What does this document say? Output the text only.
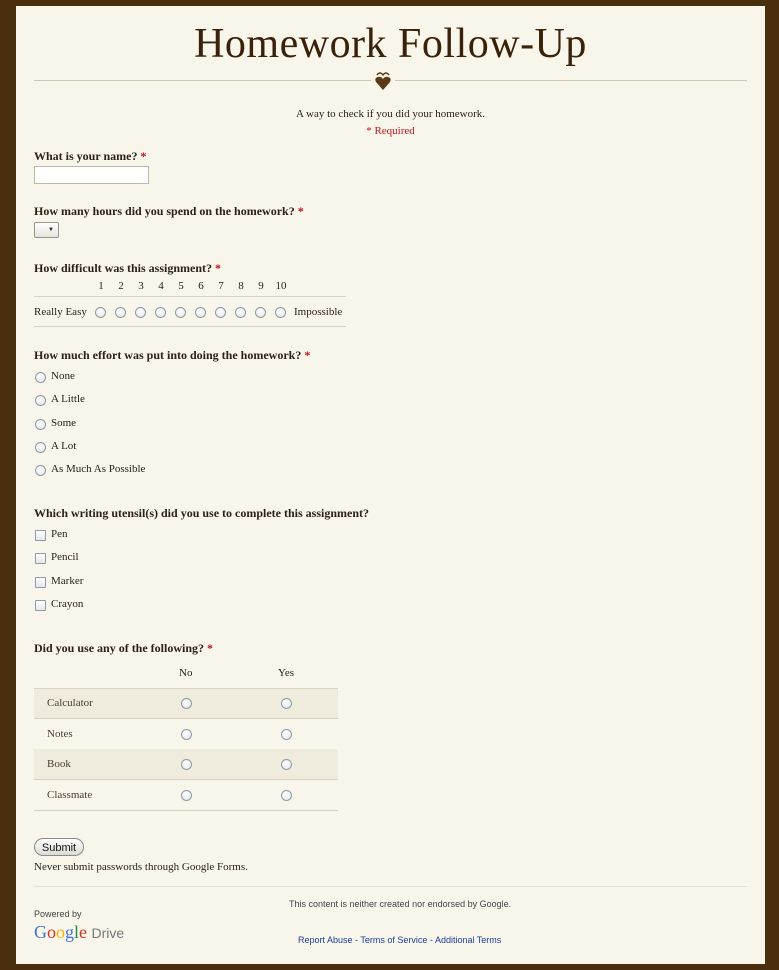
Homework Follow-Up
A way to check if you did your homework.
* Required
What is your name? *
How many hours did you spend on the homework? *
▼
How difficult was this assignment? *
1 2 3 4 5 6 7 8 9 10
Really Easy	Impossible
How much effort was put into doing the homework? *
None
A Little
Some
A Lot
As Much As Possible
Which writing utensil(s) did you use to complete this assignment?
Pen
Pencil
Marker
Crayon
Did you use any of the following? *
No	Yes
Calculator
Notes
Book
Classmate
Submit
Never submit passwords through Google Forms.
Powered by
Google Drive
This content is neither created nor endorsed by Google.
Report Abuse - Terms of Service - Additional Terms
